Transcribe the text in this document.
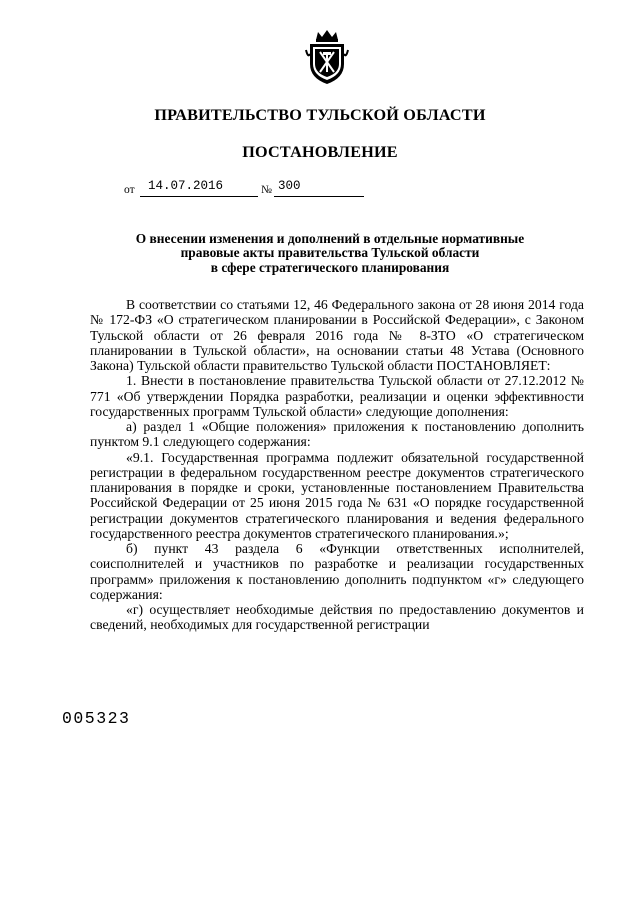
ПРАВИТЕЛЬСТВО ТУЛЬСКОЙ ОБЛАСТИ
ПОСТАНОВЛЕНИЕ
от 14.07.2016	№ 300
О внесении изменения и дополнений в отдельные нормативные
правовые акты правительства Тульской области
в сфере стратегического планирования

В соответствии со статьями 12, 46 Федерального закона от 28 июня 2014 года № 172-ФЗ «О стратегическом планировании в Российской Федерации», с Законом Тульской области от 26 февраля 2016 года № 8-ЗТО «О стратегическом планировании в Тульской области», на основании статьи 48 Устава (Основного Закона) Тульской области правительство Тульской области ПОСТАНОВЛЯЕТ:

1. Внести в постановление правительства Тульской области от 27.12.2012 № 771 «Об утверждении Порядка разработки, реализации и оценки эффективности государственных программ Тульской области» следующие дополнения:

а) раздел 1 «Общие положения» приложения к постановлению дополнить пунктом 9.1 следующего содержания:

«9.1. Государственная программа подлежит обязательной государственной регистрации в федеральном государственном реестре документов стратегического планирования в порядке и сроки, установленные постановлением Правительства Российской Федерации от 25 июня 2015 года № 631 «О порядке государственной регистрации документов стратегического планирования и ведения федерального государственного реестра документов стратегического планирования.»;

б) пункт 43 раздела 6 «Функции ответственных исполнителей, соисполнителей и участников по разработке и реализации государственных программ» приложения к постановлению дополнить подпунктом «г» следующего содержания:

«г) осуществляет необходимые действия по предоставлению документов и сведений, необходимых для государственной регистрации

005323
